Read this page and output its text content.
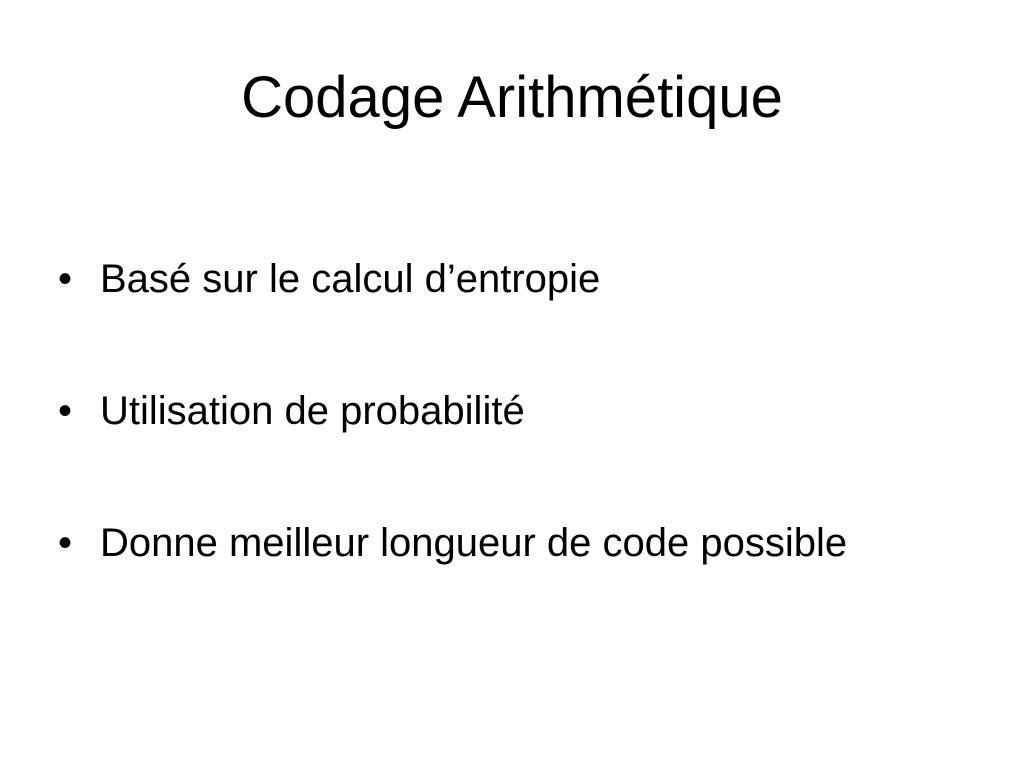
Codage Arithmétique
• Basé sur le calcul d’entropie
• Utilisation de probabilité
• Donne meilleur longueur de code possible
